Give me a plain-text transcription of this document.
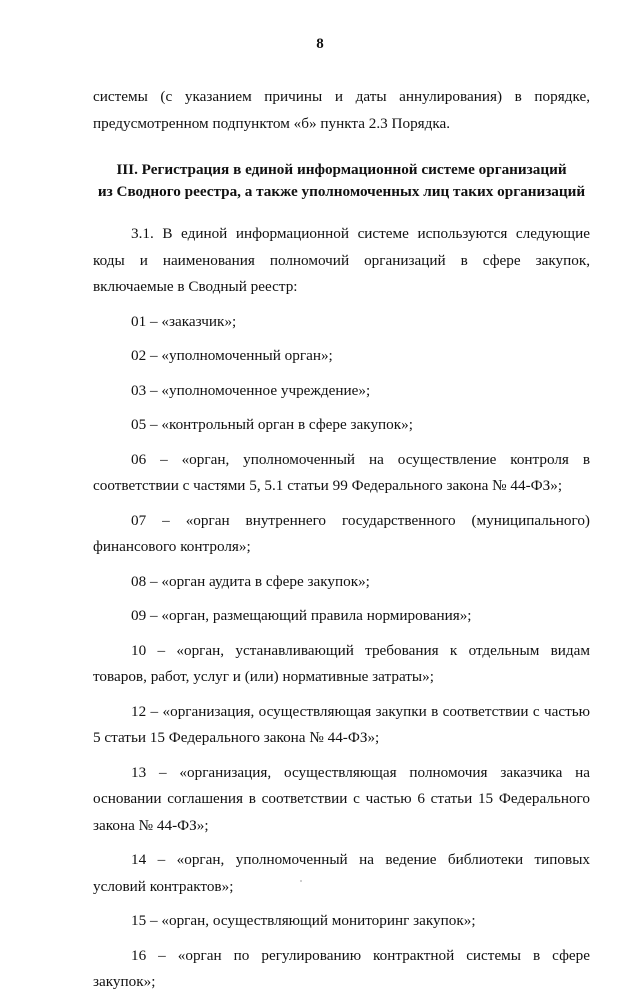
8

системы (с указанием причины и даты аннулирования) в порядке, предусмотренном подпунктом «б» пункта 2.3 Порядка.

III. Регистрация в единой информационной системе организаций
из Сводного реестра, а также уполномоченных лиц таких организаций

3.1. В единой информационной системе используются следующие коды и наименования полномочий организаций в сфере закупок, включаемые в Сводный реестр:

01 – «заказчик»;

02 – «уполномоченный орган»;

03 – «уполномоченное учреждение»;

05 – «контрольный орган в сфере закупок»;

06 – «орган, уполномоченный на осуществление контроля в соответствии с частями 5, 5.1 статьи 99 Федерального закона № 44-ФЗ»;

07 – «орган внутреннего государственного (муниципального) финансового контроля»;

08 – «орган аудита в сфере закупок»;

09 – «орган, размещающий правила нормирования»;

10 – «орган, устанавливающий требования к отдельным видам товаров, работ, услуг и (или) нормативные затраты»;

12 – «организация, осуществляющая закупки в соответствии с частью 5 статьи 15 Федерального закона № 44-ФЗ»;

13 – «организация, осуществляющая полномочия заказчика на основании соглашения в соответствии с частью 6 статьи 15 Федерального закона № 44-ФЗ»;

14 – «орган, уполномоченный на ведение библиотеки типовых условий контрактов»;

15 – «орган, осуществляющий мониторинг закупок»;

16 – «орган по регулированию контрактной системы в сфере закупок»;
